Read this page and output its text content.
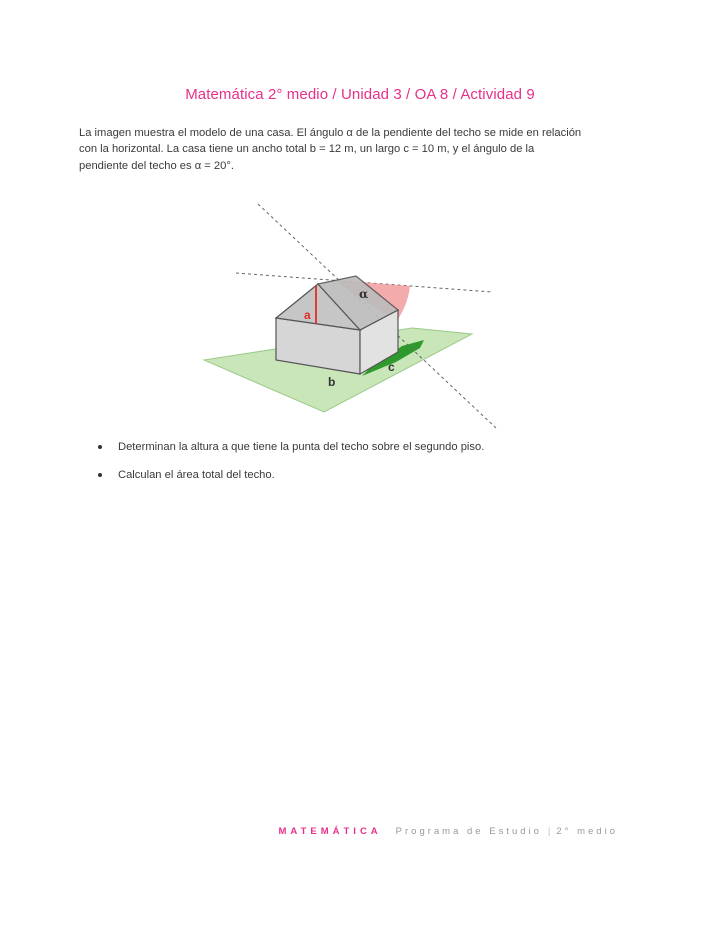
Matemática 2° medio / Unidad 3 / OA 8 / Actividad 9

La imagen muestra el modelo de una casa. El ángulo α de la pendiente del techo se mide en relación

con la horizontal. La casa tiene un ancho total b = 12 m, un largo c = 10 m, y el ángulo de la

pendiente del techo es α = 20°.

a
b
c
α
Determinan la altura a que tiene la punta del techo sobre el segundo piso.
Calculan el área total del techo.
MATEMÁTICA Programa de Estudio | 2° medio
